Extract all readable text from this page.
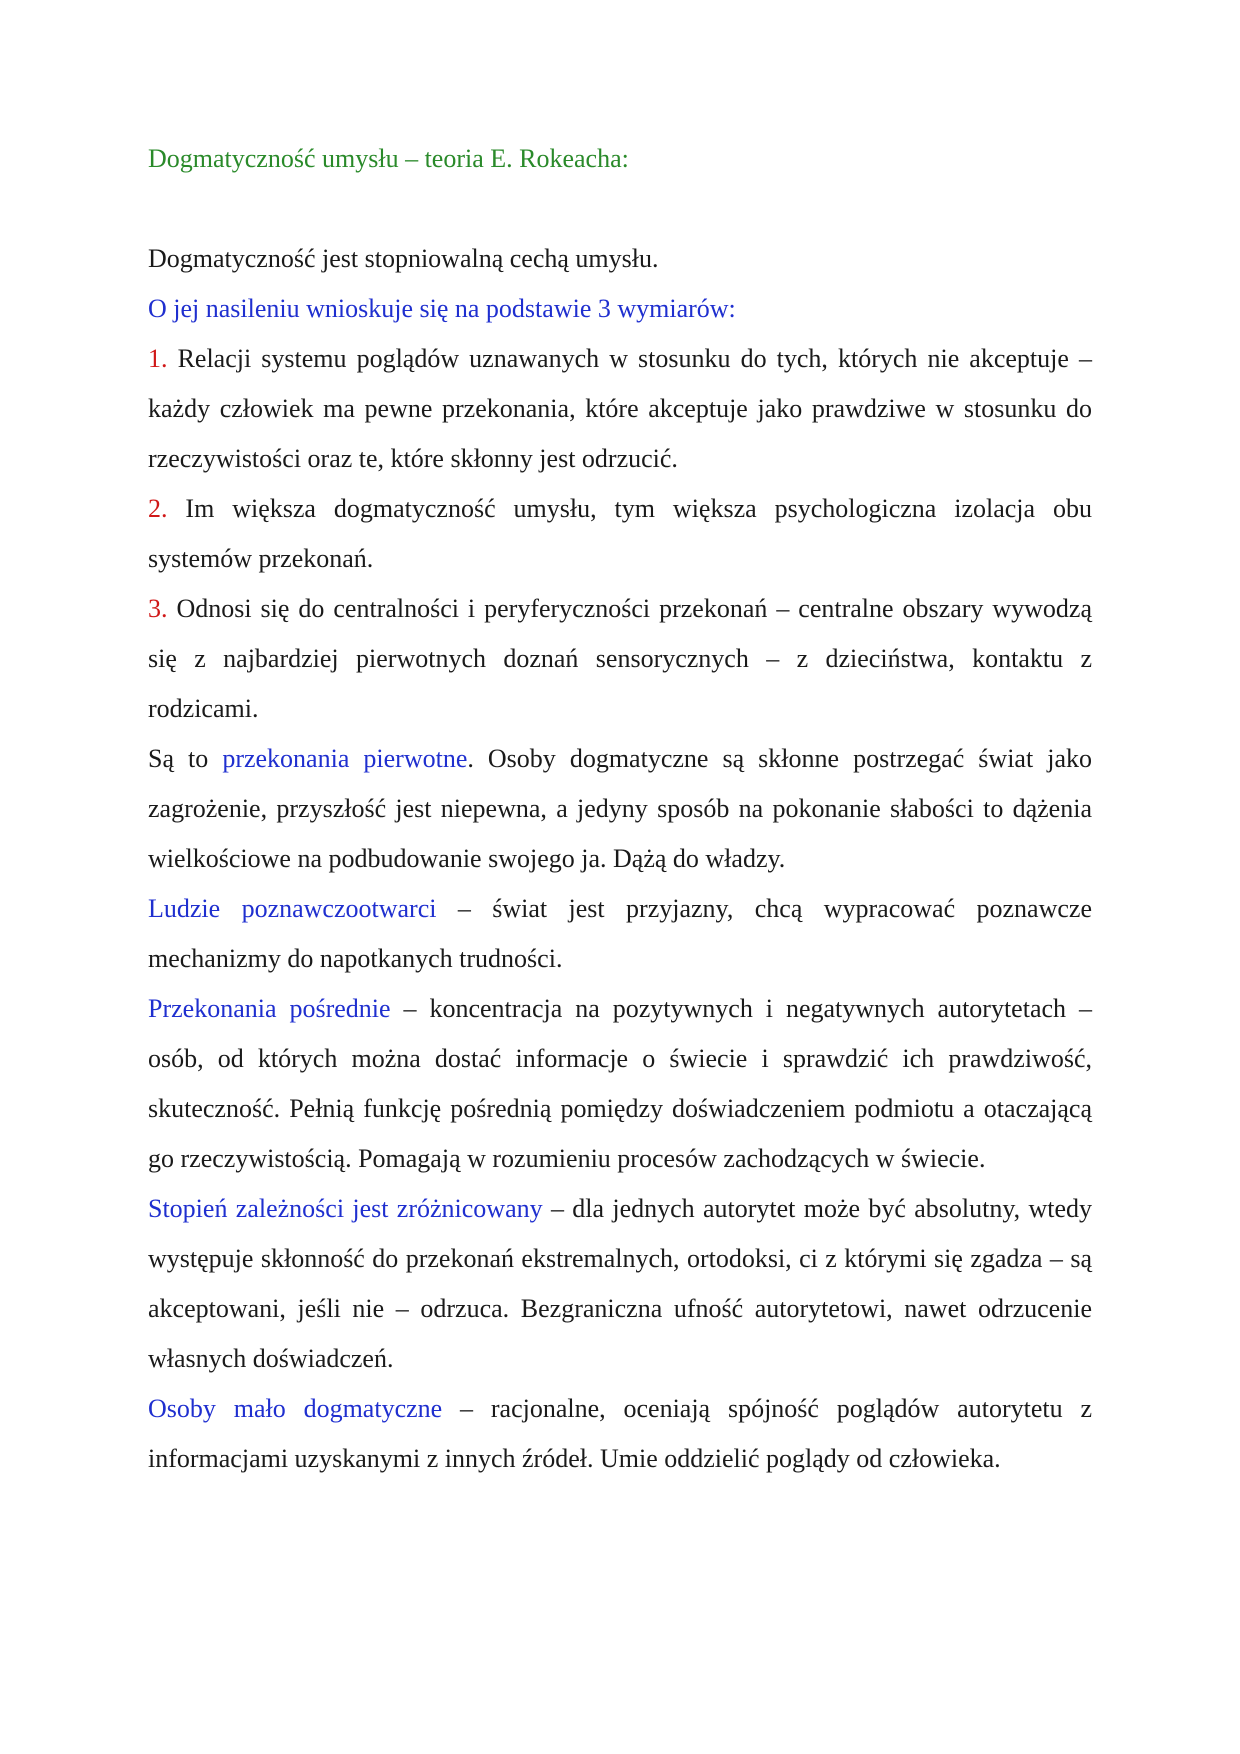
Dogmatyczność umysłu – teoria E. Rokeacha:

Dogmatyczność jest stopniowalną cechą umysłu.

O jej nasileniu wnioskuje się na podstawie 3 wymiarów:

1. Relacji systemu poglądów uznawanych w stosunku do tych, których nie akceptuje – każdy człowiek ma pewne przekonania, które akceptuje jako prawdziwe w stosunku do rzeczywistości oraz te, które skłonny jest odrzucić.

2. Im większa dogmatyczność umysłu, tym większa psychologiczna izolacja obu systemów przekonań.

3. Odnosi się do centralności i peryferyczności przekonań – centralne obszary wywodzą się z najbardziej pierwotnych doznań sensorycznych – z dzieciństwa, kontaktu z rodzicami.

Są to przekonania pierwotne. Osoby dogmatyczne są skłonne postrzegać świat jako zagrożenie, przyszłość jest niepewna, a jedyny sposób na pokonanie słabości to dążenia wielkościowe na podbudowanie swojego ja. Dążą do władzy.

Ludzie poznawczootwarci – świat jest przyjazny, chcą wypracować poznawcze mechanizmy do napotkanych trudności.

Przekonania pośrednie – koncentracja na pozytywnych i negatywnych autorytetach – osób, od których można dostać informacje o świecie i sprawdzić ich prawdziwość, skuteczność. Pełnią funkcję pośrednią pomiędzy doświadczeniem podmiotu a otaczającą go rzeczywistością. Pomagają w rozumieniu procesów zachodzących w świecie.

Stopień zależności jest zróżnicowany – dla jednych autorytet może być absolutny, wtedy występuje skłonność do przekonań ekstremalnych, ortodoksi, ci z którymi się zgadza – są akceptowani, jeśli nie – odrzuca. Bezgraniczna ufność autorytetowi, nawet odrzucenie własnych doświadczeń.

Osoby mało dogmatyczne – racjonalne, oceniają spójność poglądów autorytetu z informacjami uzyskanymi z innych źródeł. Umie oddzielić poglądy od człowieka.
